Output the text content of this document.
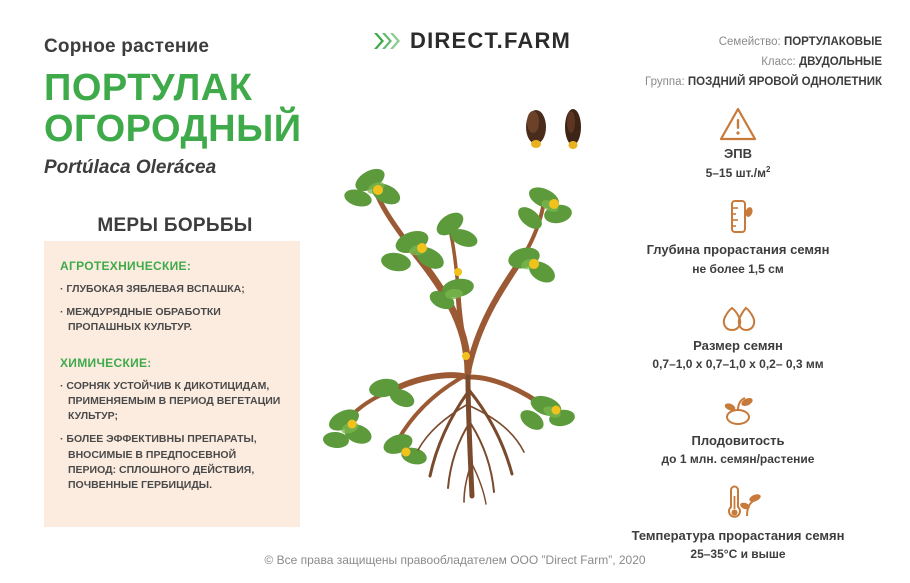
Сорное растение
ПОРТУЛАК
ОГОРОДНЫЙ
Portúlaca Olerácea
МЕРЫ БОРЬБЫ
АГРОТЕХНИЧЕСКИЕ:
· ГЛУБОКАЯ ЗЯБЛЕВАЯ ВСПАШКА;
· МЕЖДУРЯДНЫЕ ОБРАБОТКИ ПРОПАШНЫХ КУЛЬТУР.
ХИМИЧЕСКИЕ:
· СОРНЯК УСТОЙЧИВ К ДИКОТИЦИДАМ, ПРИМЕНЯЕМЫМ В ПЕРИОД ВЕГЕТАЦИИ КУЛЬТУР;
· БОЛЕЕ ЭФФЕКТИВНЫ ПРЕПАРАТЫ, ВНОСИМЫЕ В ПРЕДПОСЕВНОЙ ПЕРИОД: СПЛОШНОГО ДЕЙСТВИЯ, ПОЧВЕННЫЕ ГЕРБИЦИДЫ.
DIRECT.FARM	Семейство: ПОРТУЛАКОВЫЕ
Класс: ДВУДОЛЬНЫЕ
Группа: ПОЗДНИЙ ЯРОВОЙ ОДНОЛЕТНИК
ЭПВ
5–15 $шт./м^2$
Глубина прорастания семян
не более 1,5 см
Размер семян
0,7–1,0 х 0,7–1,0 х 0,2– 0,3 мм
Плодовитость
до 1 млн. семян/растение
Температура прорастания семян
25–35°С и выше
© Все права защищены правообладателем ООО ”Direct Farm”, 2020
